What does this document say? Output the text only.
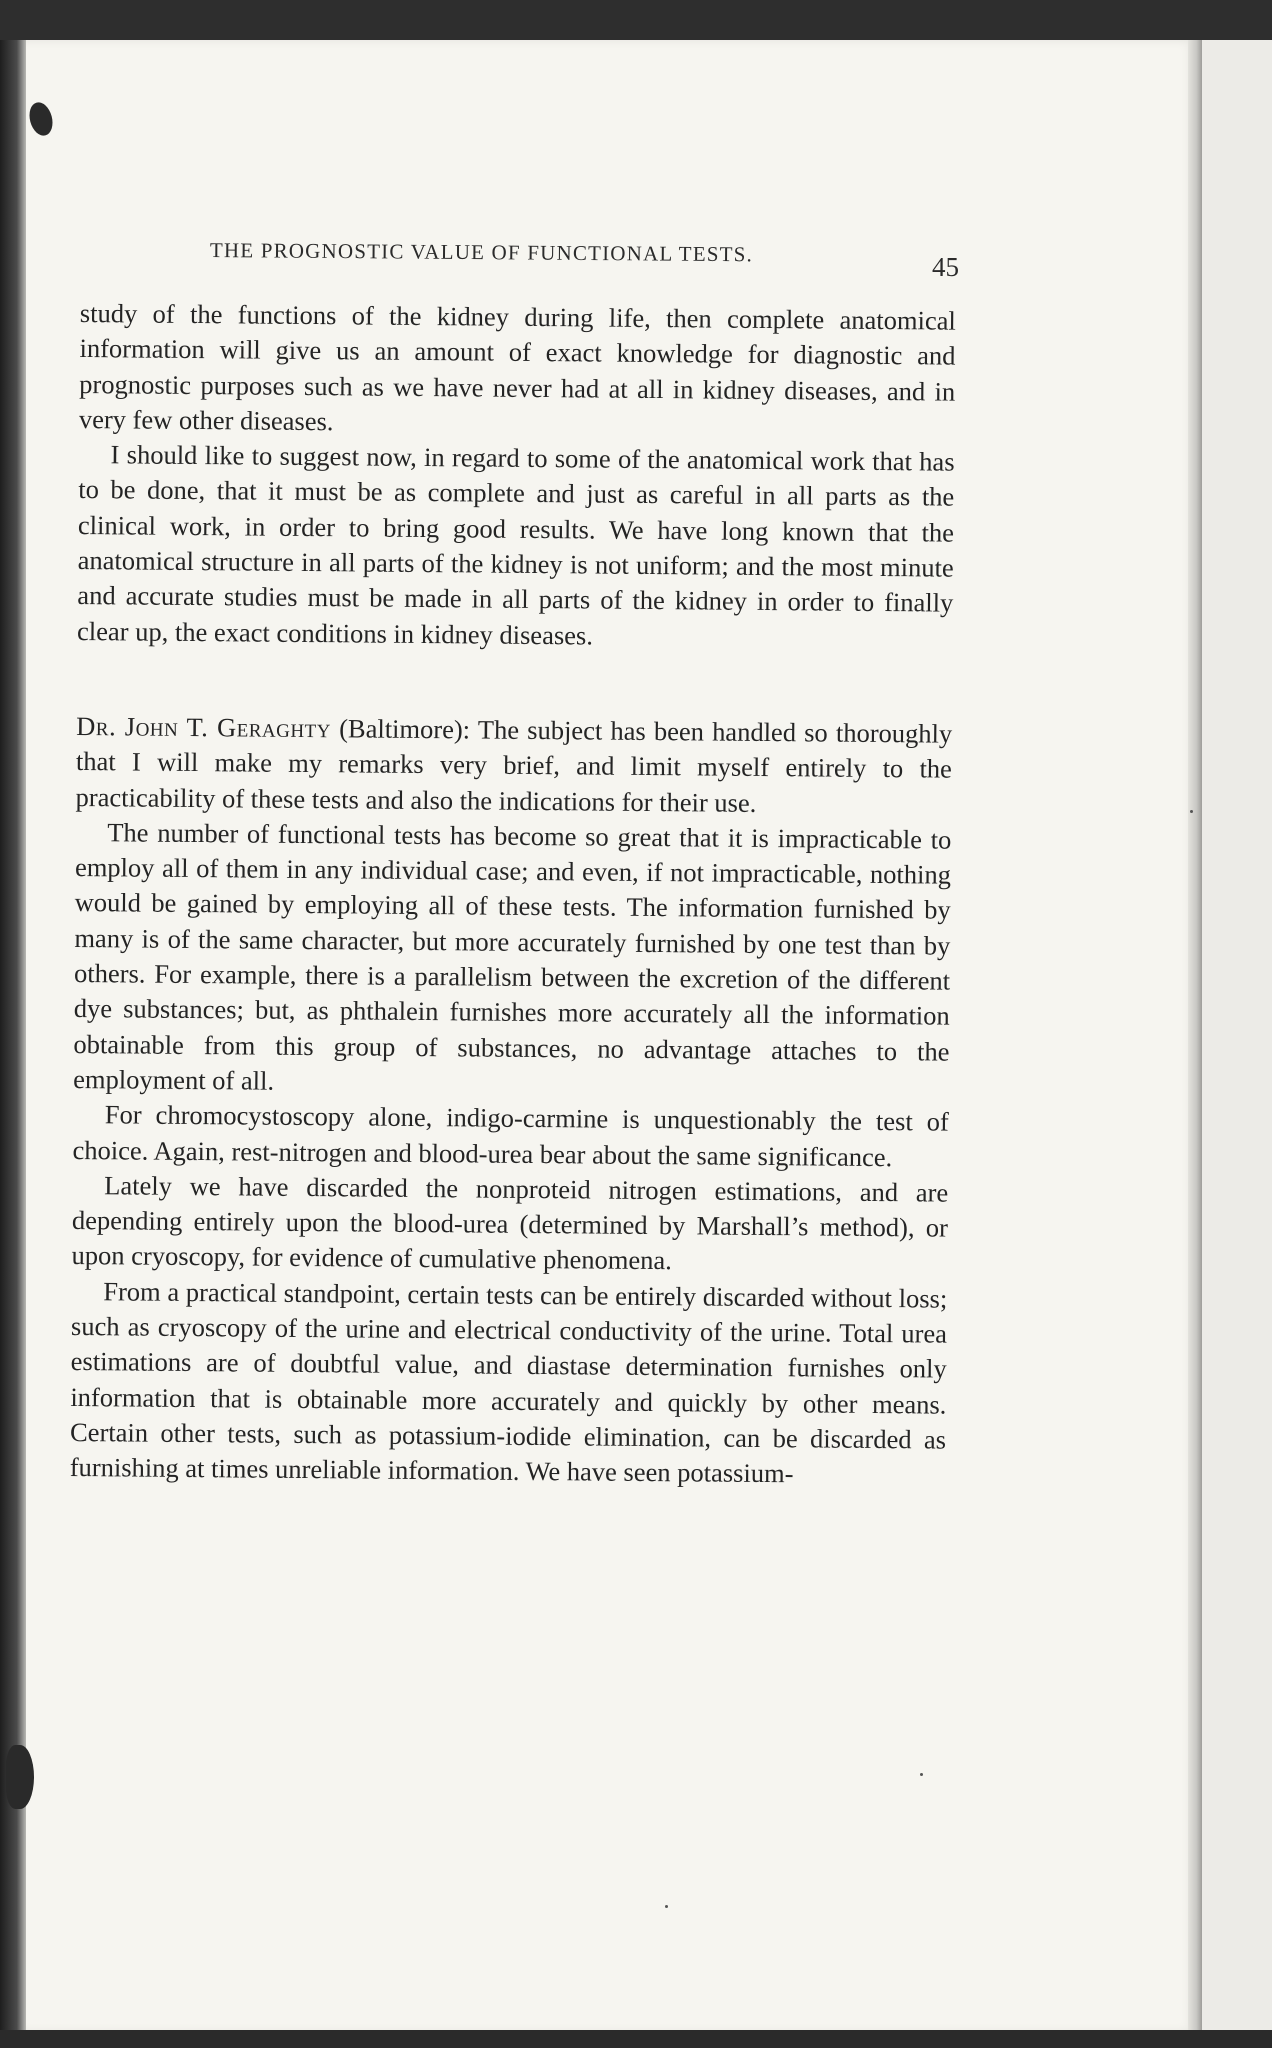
THE PROGNOSTIC VALUE OF FUNCTIONAL TESTS.	45

study of the functions of the kidney during life, then complete anatomical information will give us an amount of exact knowledge for diagnostic and prognostic purposes such as we have never had at all in kidney diseases, and in very few other diseases.

I should like to suggest now, in regard to some of the anatomical work that has to be done, that it must be as complete and just as careful in all parts as the clinical work, in order to bring good results. We have long known that the anatomical structure in all parts of the kidney is not uniform; and the most minute and accurate studies must be made in all parts of the kidney in order to finally clear up, the exact conditions in kidney diseases.

Dr. John T. Geraghty (Baltimore): The subject has been handled so thoroughly that I will make my remarks very brief, and limit myself entirely to the practicability of these tests and also the indications for their use.

The number of functional tests has become so great that it is impracticable to employ all of them in any individual case; and even, if not impracticable, nothing would be gained by employing all of these tests. The information furnished by many is of the same character, but more accurately furnished by one test than by others. For example, there is a parallelism between the excretion of the different dye substances; but, as phthalein furnishes more accurately all the information obtainable from this group of substances, no advantage attaches to the employment of all.

For chromocystoscopy alone, indigo-carmine is unquestionably the test of choice. Again, rest-nitrogen and blood-urea bear about the same significance.

Lately we have discarded the nonproteid nitrogen estimations, and are depending entirely upon the blood-urea (determined by Marshall’s method), or upon cryoscopy, for evidence of cumulative phenomena.

From a practical standpoint, certain tests can be entirely discarded without loss; such as cryoscopy of the urine and electrical conductivity of the urine. Total urea estimations are of doubtful value, and diastase determination furnishes only information that is obtainable more accurately and quickly by other means. Certain other tests, such as potassium-iodide elimination, can be discarded as furnishing at times unreliable information. We have seen potassium-
